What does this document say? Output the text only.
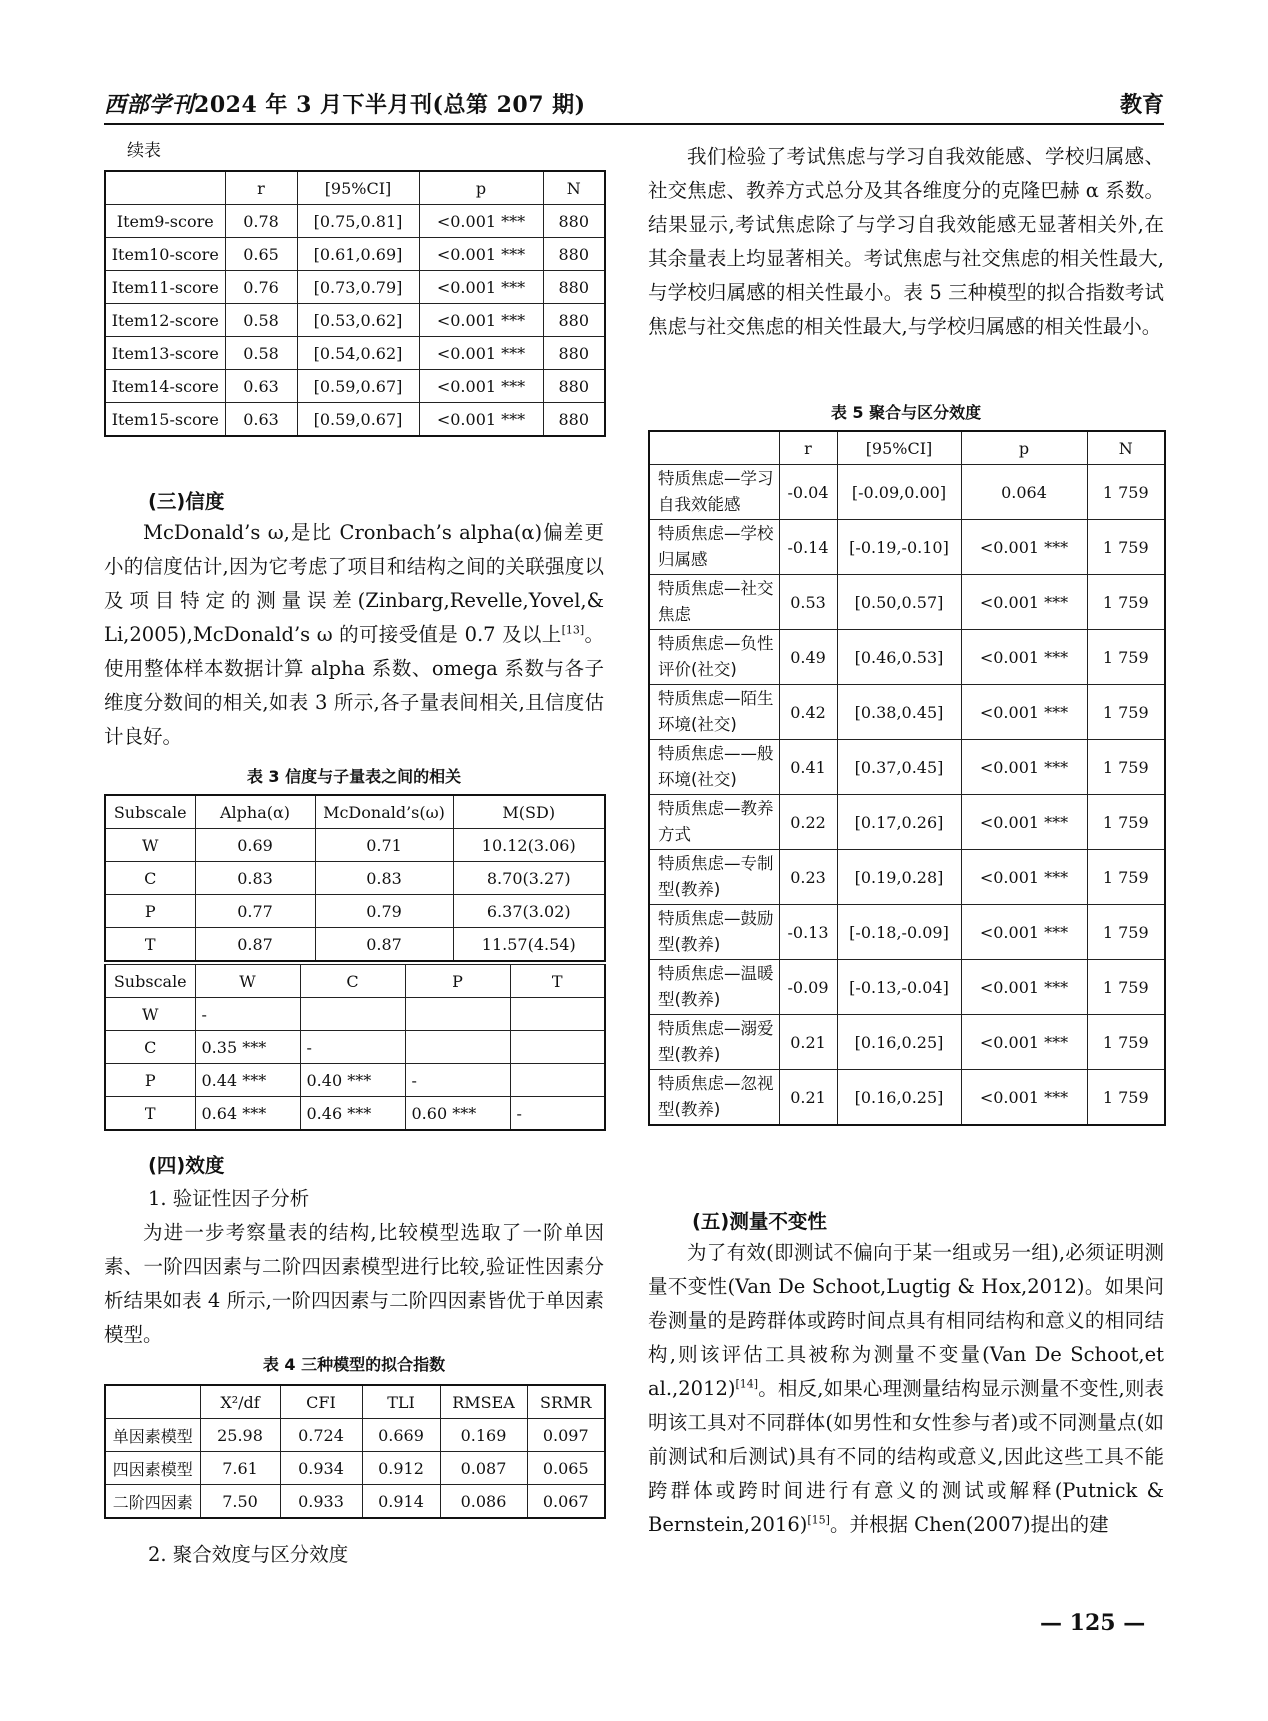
西部学刊2024 年 3 月下半月刊(总第 207 期)	教育
续表
	r	[95%CI]	p	N
Item9-score	0.78	[0.75,0.81]	<0.001 ***	880
Item10-score	0.65	[0.61,0.69]	<0.001 ***	880
Item11-score	0.76	[0.73,0.79]	<0.001 ***	880
Item12-score	0.58	[0.53,0.62]	<0.001 ***	880
Item13-score	0.58	[0.54,0.62]	<0.001 ***	880
Item14-score	0.63	[0.59,0.67]	<0.001 ***	880
Item15-score	0.63	[0.59,0.67]	<0.001 ***	880
(三)信度
McDonald’s ω,是比 Cronbach’s alpha(α)偏差更小的信度估计,因为它考虑了项目和结构之间的关联强度以及项目特定的测量误差(Zinbarg,Revelle,Yovel,& Li,2005),McDonald’s ω 的可接受值是 0.7 及以上[13]。使用整体样本数据计算 alpha 系数、omega 系数与各子维度分数间的相关,如表 3 所示,各子量表间相关,且信度估计良好。
表 3 信度与子量表之间的相关
Subscale	Alpha(α)	McDonald’s(ω)	M(SD)
W	0.69	0.71	10.12(3.06)
C	0.83	0.83	8.70(3.27)
P	0.77	0.79	6.37(3.02)
T	0.87	0.87	11.57(4.54)
Subscale	W	C	P	T
W	-			
C	0.35 ***	-		
P	0.44 ***	0.40 ***	-	
T	0.64 ***	0.46 ***	0.60 ***	-
(四)效度
1. 验证性因子分析
为进一步考察量表的结构,比较模型选取了一阶单因素、一阶四因素与二阶四因素模型进行比较,验证性因素分析结果如表 4 所示,一阶四因素与二阶四因素皆优于单因素模型。
表 4 三种模型的拟合指数
	X²/df	CFI	TLI	RMSEA	SRMR
单因素模型	25.98	0.724	0.669	0.169	0.097
四因素模型	7.61	0.934	0.912	0.087	0.065
二阶四因素	7.50	0.933	0.914	0.086	0.067
2. 聚合效度与区分效度
我们检验了考试焦虑与学习自我效能感、学校归属感、社交焦虑、教养方式总分及其各维度分的克隆巴赫 α 系数。结果显示,考试焦虑除了与学习自我效能感无显著相关外,在其余量表上均显著相关。考试焦虑与社交焦虑的相关性最大,与学校归属感的相关性最小。表 5 三种模型的拟合指数考试焦虑与社交焦虑的相关性最大,与学校归属感的相关性最小。
表 5 聚合与区分效度
	r	[95%CI]	p	N
特质焦虑—学习自我效能感	-0.04	[-0.09,0.00]	0.064	1 759
特质焦虑—学校归属感	-0.14	[-0.19,-0.10]	<0.001 ***	1 759
特质焦虑—社交焦虑	0.53	[0.50,0.57]	<0.001 ***	1 759
特质焦虑—负性评价(社交)	0.49	[0.46,0.53]	<0.001 ***	1 759
特质焦虑—陌生环境(社交)	0.42	[0.38,0.45]	<0.001 ***	1 759
特质焦虑——般环境(社交)	0.41	[0.37,0.45]	<0.001 ***	1 759
特质焦虑—教养方式	0.22	[0.17,0.26]	<0.001 ***	1 759
特质焦虑—专制型(教养)	0.23	[0.19,0.28]	<0.001 ***	1 759
特质焦虑—鼓励型(教养)	-0.13	[-0.18,-0.09]	<0.001 ***	1 759
特质焦虑—温暖型(教养)	-0.09	[-0.13,-0.04]	<0.001 ***	1 759
特质焦虑—溺爱型(教养)	0.21	[0.16,0.25]	<0.001 ***	1 759
特质焦虑—忽视型(教养)	0.21	[0.16,0.25]	<0.001 ***	1 759
(五)测量不变性
为了有效(即测试不偏向于某一组或另一组),必须证明测量不变性(Van De Schoot,Lugtig & Hox,2012)。如果问卷测量的是跨群体或跨时间点具有相同结构和意义的相同结构,则该评估工具被称为测量不变量(Van De Schoot,et al.,2012)[14]。相反,如果心理测量结构显示测量不变性,则表明该工具对不同群体(如男性和女性参与者)或不同测量点(如前测试和后测试)具有不同的结构或意义,因此这些工具不能跨群体或跨时间进行有意义的测试或解释(Putnick & Bernstein,2016)[15]。并根据 Chen(2007)提出的建
— 125 —
